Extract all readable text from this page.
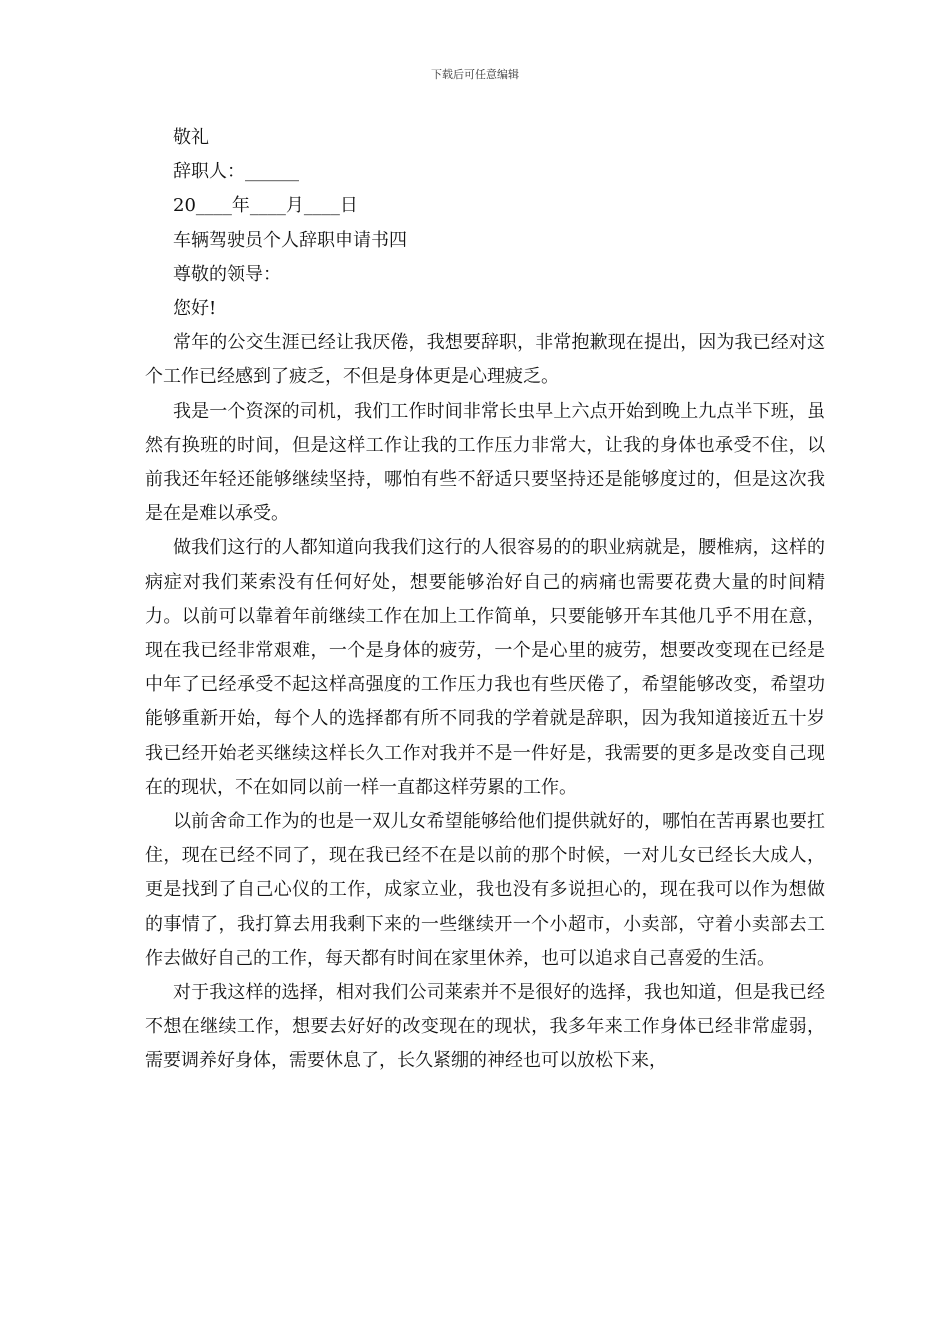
下载后可任意编辑

敬礼

辞职人：______

20____年____月____日

车辆驾驶员个人辞职申请书四

尊敬的领导：

您好!

常年的公交生涯已经让我厌倦，我想要辞职，非常抱歉现在提出，因为我已经对这个工作已经感到了疲乏，不但是身体更是心理疲乏。

我是一个资深的司机，我们工作时间非常长虫早上六点开始到晚上九点半下班，虽然有换班的时间，但是这样工作让我的工作压力非常大，让我的身体也承受不住，以前我还年轻还能够继续坚持，哪怕有些不舒适只要坚持还是能够度过的，但是这次我是在是难以承受。

做我们这行的人都知道向我我们这行的人很容易的的职业病就是，腰椎病，这样的病症对我们莱索没有任何好处，想要能够治好自己的病痛也需要花费大量的时间精力。以前可以靠着年前继续工作在加上工作简单，只要能够开车其他几乎不用在意，现在我已经非常艰难，一个是身体的疲劳，一个是心里的疲劳，想要改变现在已经是中年了已经承受不起这样高强度的工作压力我也有些厌倦了，希望能够改变，希望功能够重新开始，每个人的选择都有所不同我的学着就是辞职，因为我知道接近五十岁我已经开始老买继续这样长久工作对我并不是一件好是，我需要的更多是改变自己现在的现状，不在如同以前一样一直都这样劳累的工作。

以前舍命工作为的也是一双儿女希望能够给他们提供就好的，哪怕在苦再累也要扛住，现在已经不同了，现在我已经不在是以前的那个时候，一对儿女已经长大成人，更是找到了自己心仪的工作，成家立业，我也没有多说担心的，现在我可以作为想做的事情了，我打算去用我剩下来的一些继续开一个小超市，小卖部，守着小卖部去工作去做好自己的工作，每天都有时间在家里休养，也可以追求自己喜爱的生活。

对于我这样的选择，相对我们公司莱索并不是很好的选择，我也知道，但是我已经不想在继续工作，想要去好好的改变现在的现状，我多年来工作身体已经非常虚弱，需要调养好身体，需要休息了，长久紧绷的神经也可以放松下来，
